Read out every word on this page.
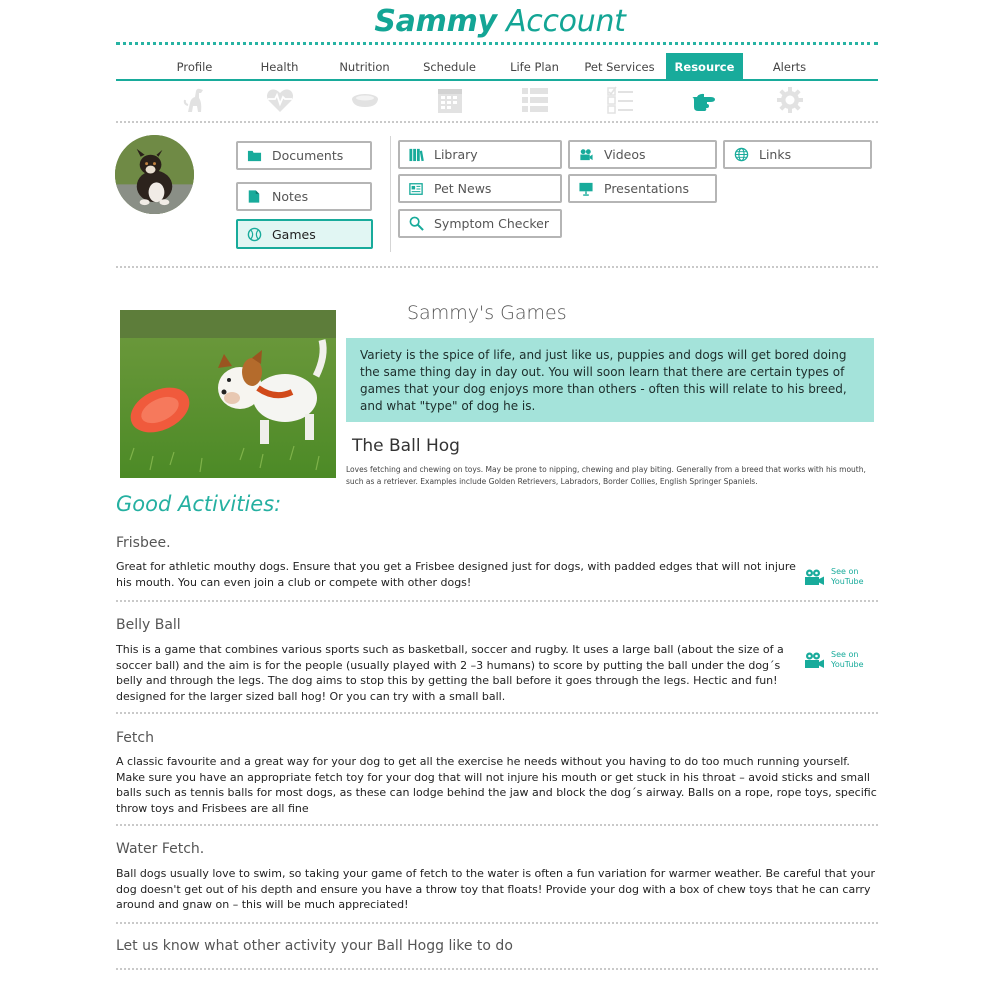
Sammy Account
Profile	Health	Nutrition	Schedule	Life Plan	Pet Services	Resource	Alerts
Documents
Notes
Games
Library	Videos	Links
Pet News	Presentations
Symptom Checker
Sammy's Games
Variety is the spice of life, and just like us, puppies and dogs will get bored doing the same thing day in day out. You will soon learn that there are certain types of games that your dog enjoys more than others - often this will relate to his breed, and what "type" of dog he is.
The Ball Hog
Loves fetching and chewing on toys. May be prone to nipping, chewing and play biting. Generally from a breed that works with his mouth, such as a retriever. Examples include Golden Retrievers, Labradors, Border Collies, English Springer Spaniels.
Good Activities:
Frisbee.
Great for athletic mouthy dogs. Ensure that you get a Frisbee designed just for dogs, with padded edges that will not injure his mouth. You can even join a club or compete with other dogs!
See on YouTube
Belly Ball
This is a game that combines various sports such as basketball, soccer and rugby. It uses a large ball (about the size of a soccer ball) and the aim is for the people (usually played with 2 –3 humans) to score by putting the ball under the dog´s belly and through the legs. The dog aims to stop this by getting the ball before it goes through the legs. Hectic and fun! designed for the larger sized ball hog! Or you can try with a small ball.
See on YouTube
Fetch
A classic favourite and a great way for your dog to get all the exercise he needs without you having to do too much running yourself. Make sure you have an appropriate fetch toy for your dog that will not injure his mouth or get stuck in his throat – avoid sticks and small balls such as tennis balls for most dogs, as these can lodge behind the jaw and block the dog´s airway. Balls on a rope, rope toys, specific throw toys and Frisbees are all fine
Water Fetch.
Ball dogs usually love to swim, so taking your game of fetch to the water is often a fun variation for warmer weather. Be careful that your dog doesn't get out of his depth and ensure you have a throw toy that floats! Provide your dog with a box of chew toys that he can carry around and gnaw on – this will be much appreciated!
Let us know what other activity your Ball Hogg like to do
